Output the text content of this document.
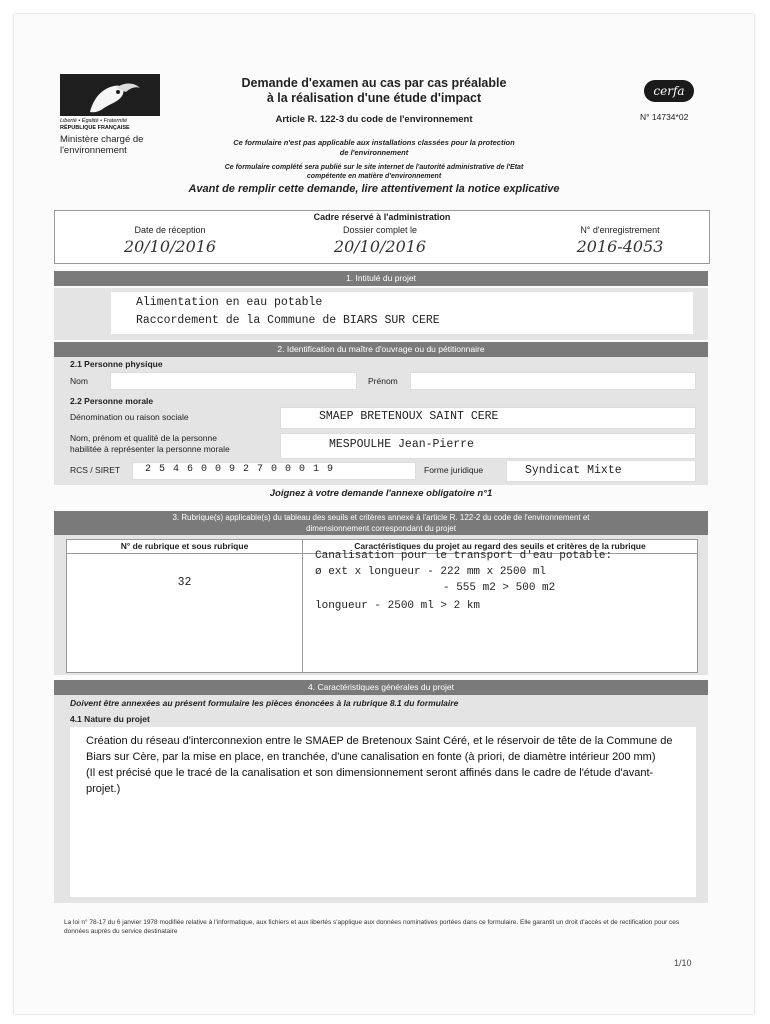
Liberté • Égalité • Fraternité
RÉPUBLIQUE FRANÇAISE
Ministère chargé de l'environnement
Demande d'examen au cas par cas préalable
à la réalisation d'une étude d'impact
Article R. 122-3 du code de l'environnement
Ce formulaire n'est pas applicable aux installations classées pour la protection
de l'environnement
Ce formulaire complété sera publié sur le site internet de l'autorité administrative de l'Etat
compétente en matière d'environnement
Avant de remplir cette demande, lire attentivement la notice explicative
cerfa
N° 14734*02
Cadre réservé à l'administration
Date de réception
20/10/2016
Dossier complet le
20/10/2016
N° d'enregistrement
2016-4053
1. Intitulé du projet
Alimentation en eau potable
Raccordement de la Commune de BIARS SUR CERE
2. Identification du maître d'ouvrage ou du pétitionnaire
2.1 Personne physique
Nom	Prénom
2.2 Personne morale
Dénomination ou raison sociale	SMAEP BRETENOUX SAINT CERE
Nom, prénom et qualité de la personne
habilitée à représenter la personne morale	MESPOULHE Jean-Pierre
RCS / SIRET 2 5 4 6 0 0 9 2 7 0 0 0 1 9	Forme juridique	Syndicat Mixte
Joignez à votre demande l'annexe obligatoire n°1
3. Rubrique(s) applicable(s) du tableau des seuils et critères annexé à l'article R. 122-2 du code de l'environnement et
dimensionnement correspondant du projet
N° de rubrique et sous rubrique	Caractéristiques du projet au regard des seuils et critères de la rubrique
32
Canalisation pour le transport d'eau potable:
ø ext x longueur - 222 mm x 2500 ml
- 555 m2 > 500 m2
longueur - 2500 ml > 2 km
4. Caractéristiques générales du projet
Doivent être annexées au présent formulaire les pièces énoncées à la rubrique 8.1 du formulaire
4.1 Nature du projet

Création du réseau d'interconnexion entre le SMAEP de Bretenoux Saint Céré, et le réservoir de tête de la Commune de Biars sur Cère, par la mise en place, en tranchée, d'une canalisation en fonte (à priori, de diamètre intérieur 200 mm)

(Il est précisé que le tracé de la canalisation et son dimensionnement seront affinés dans le cadre de l'étude d'avant-projet.)

La loi n° 78-17 du 6 janvier 1978 modifiée relative à l'informatique, aux fichiers et aux libertés s'applique aux données nominatives portées dans ce formulaire. Elle garantit un droit d'accès et de rectification pour ces données auprès du service destinataire
1/10
